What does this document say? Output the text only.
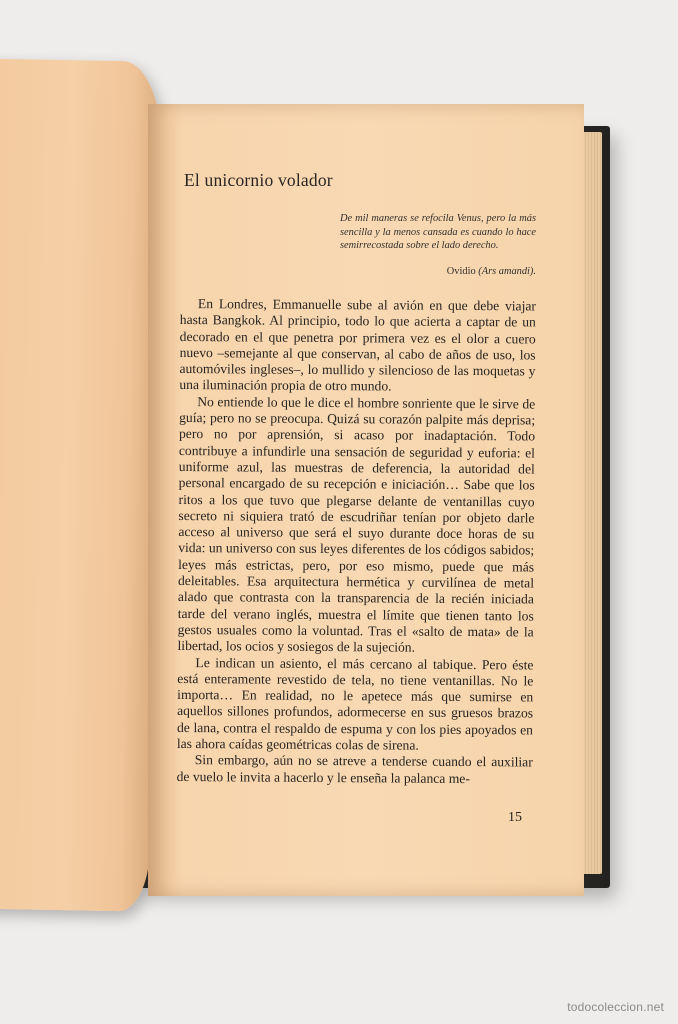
El unicornio volador
De mil maneras se refocila Venus, pero la más sencilla y la menos cansada es cuando lo hace semirrecostada sobre el lado derecho.
Ovidio (Ars amandi).

En Londres, Emmanuelle sube al avión en que debe viajar hasta Bangkok. Al principio, todo lo que acierta a captar de un decorado en el que penetra por primera vez es el olor a cuero nuevo –semejante al que conservan, al cabo de años de uso, los automóviles ingleses–, lo mullido y silencioso de las moquetas y una iluminación propia de otro mundo.

No entiende lo que le dice el hombre sonriente que le sirve de guía; pero no se preocupa. Quizá su corazón palpite más deprisa; pero no por aprensión, si acaso por inadaptación. Todo contribuye a infundirle una sensación de seguridad y euforia: el uniforme azul, las muestras de deferencia, la autoridad del personal encargado de su recepción e iniciación… Sabe que los ritos a los que tuvo que plegarse delante de ventanillas cuyo secreto ni siquiera trató de escudriñar tenían por objeto darle acceso al universo que será el suyo durante doce horas de su vida: un universo con sus leyes diferentes de los códigos sabidos; leyes más estrictas, pero, por eso mismo, puede que más deleitables. Esa arquitectura hermética y curvilínea de metal alado que contrasta con la transparencia de la recién iniciada tarde del verano inglés, muestra el límite que tienen tanto los gestos usuales como la voluntad. Tras el «salto de mata» de la libertad, los ocios y sosiegos de la sujeción.

Le indican un asiento, el más cercano al tabique. Pero éste está enteramente revestido de tela, no tiene ventanillas. No le importa… En realidad, no le apetece más que sumirse en aquellos sillones profundos, adormecerse en sus gruesos brazos de lana, contra el respaldo de espuma y con los pies apoyados en las ahora caídas geométricas colas de sirena.

Sin embargo, aún no se atreve a tenderse cuando el auxiliar de vuelo le invita a hacerlo y le enseña la palanca me-

15
todocoleccion.net
